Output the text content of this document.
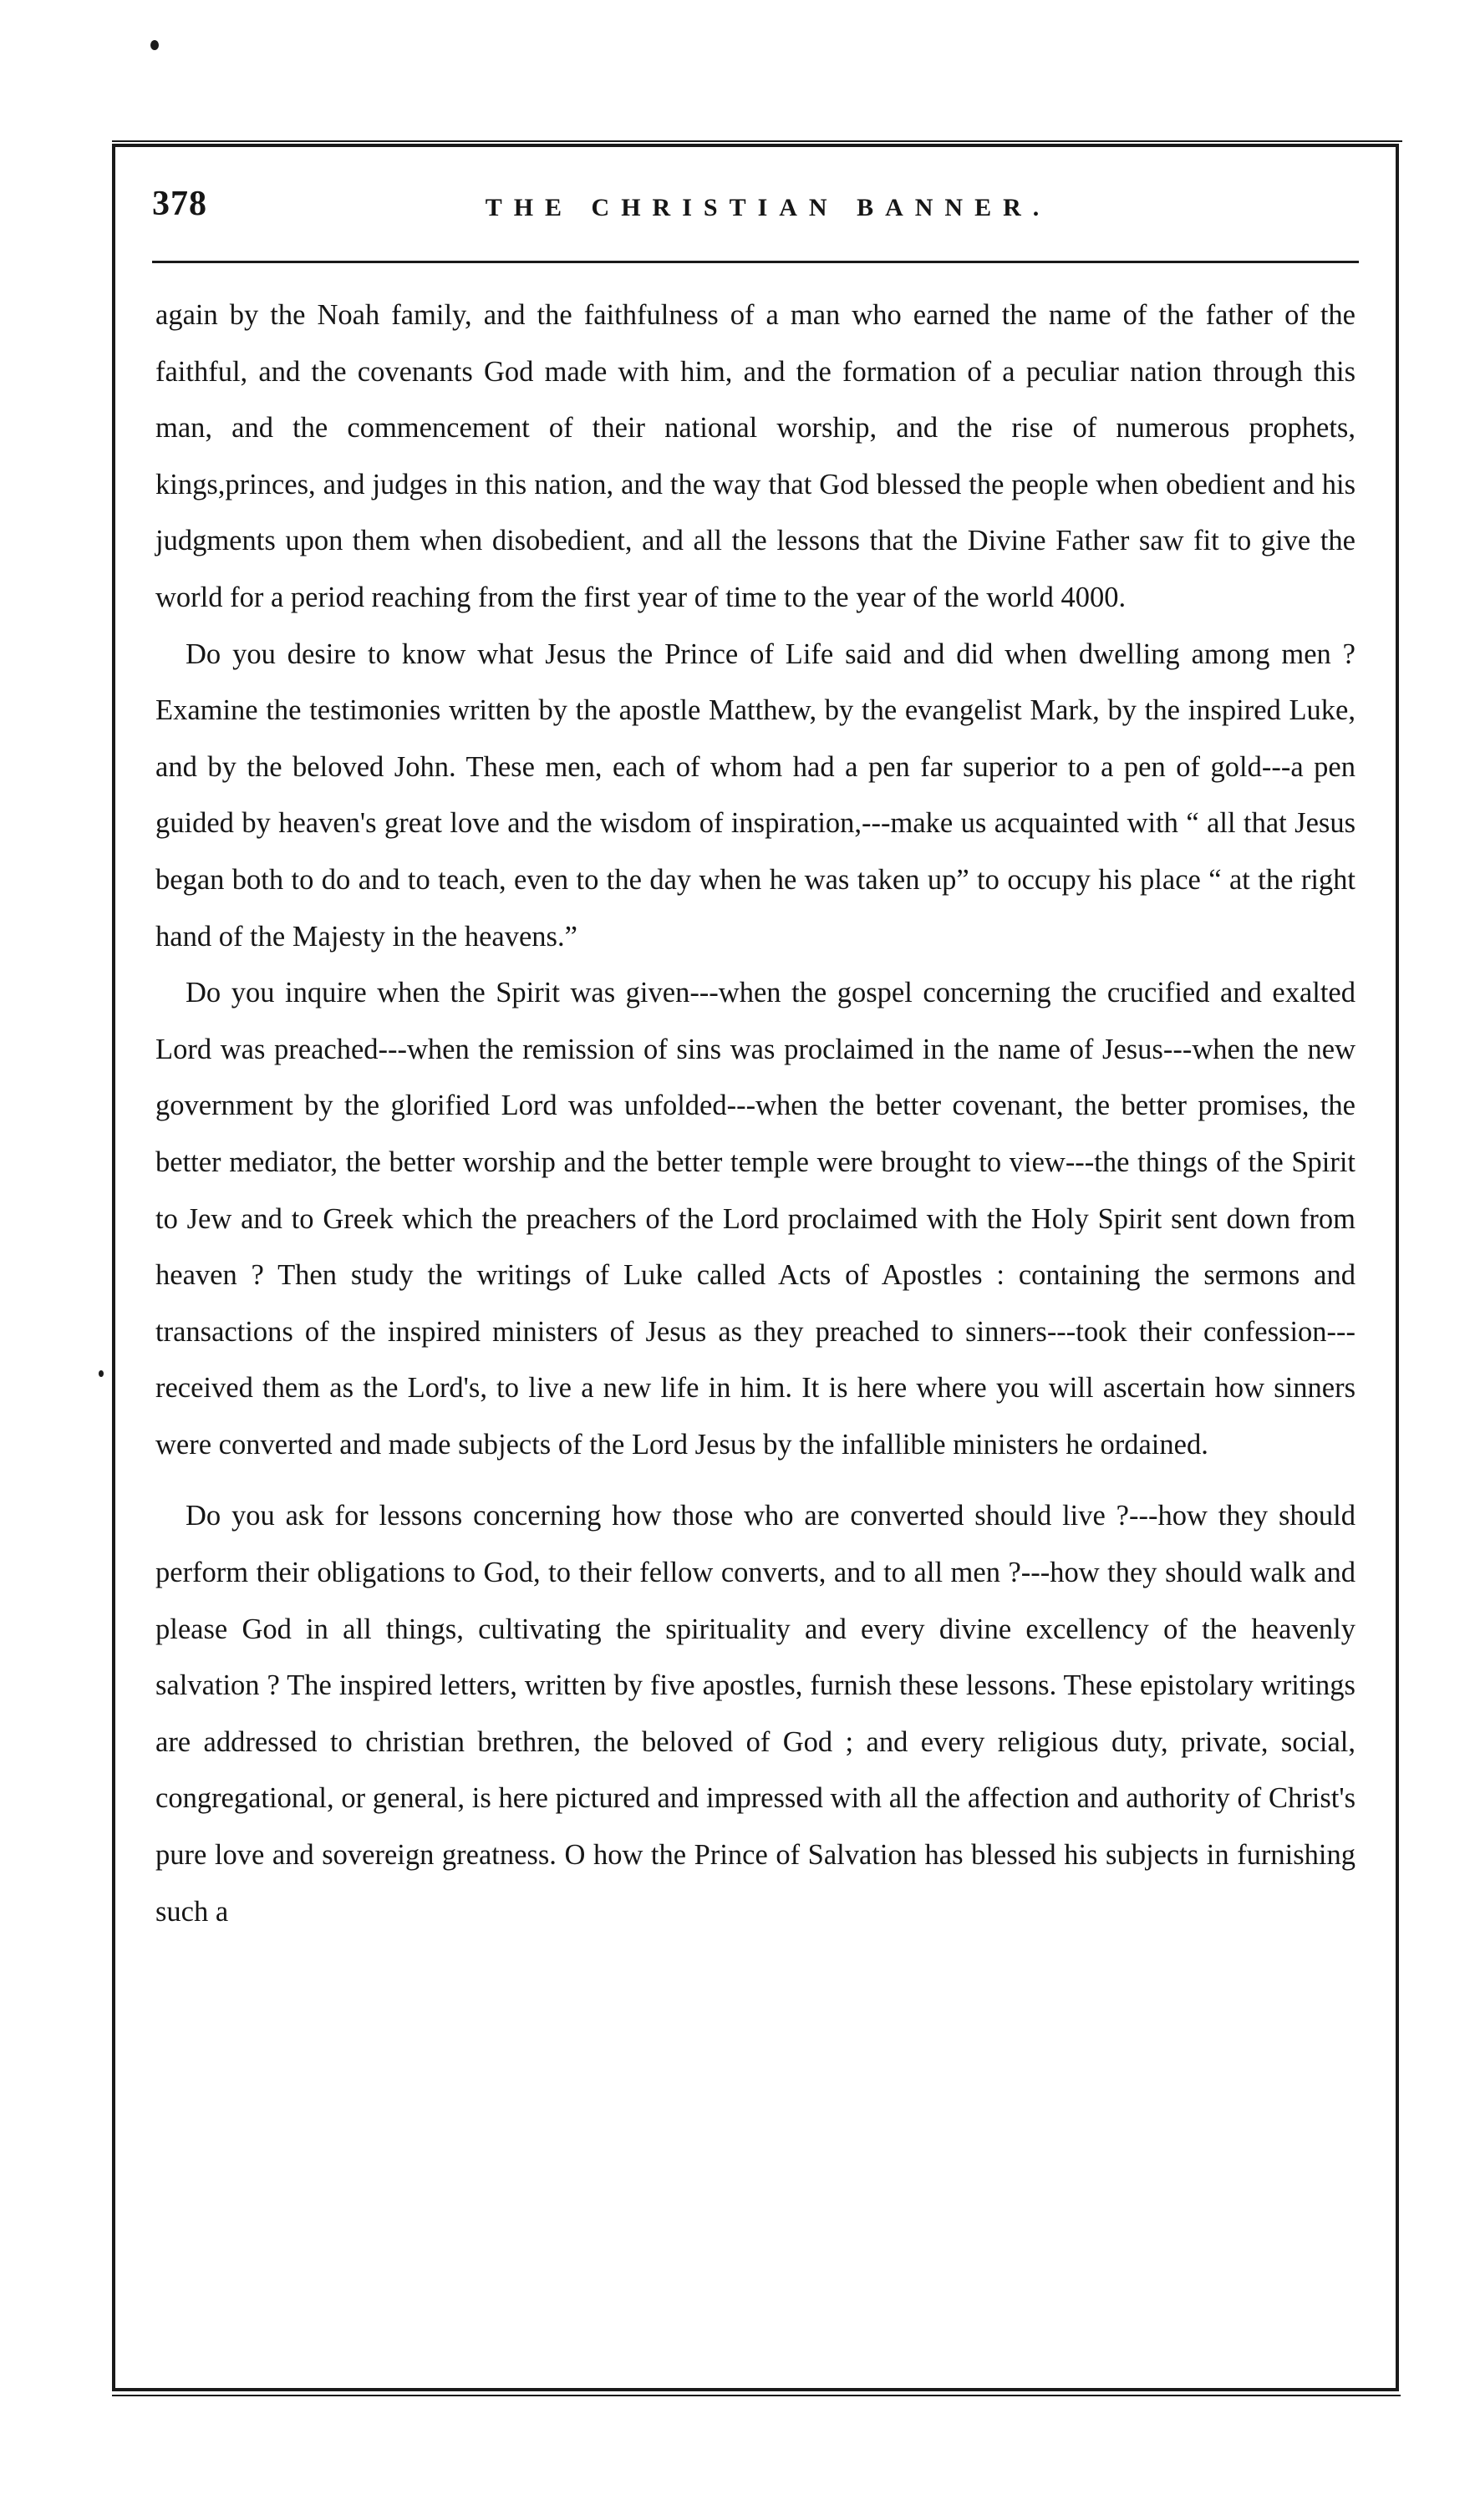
378	THE CHRISTIAN BANNER.

again by the Noah family, and the faithfulness of a man who earned the name of the father of the faithful, and the covenants God made with him, and the formation of a peculiar nation through this man, and the commencement of their national worship, and the rise of numerous prophets, kings,princes, and judges in this nation, and the way that God blessed the people when obedient and his judgments upon them when disobedient, and all the lessons that the Divine Father saw fit to give the world for a period reaching from the first year of time to the year of the world 4000.

Do you desire to know what Jesus the Prince of Life said and did when dwelling among men ? Examine the testimonies written by the apostle Matthew, by the evangelist Mark, by the inspired Luke, and by the beloved John. These men, each of whom had a pen far superior to a pen of gold---a pen guided by heaven's great love and the wisdom of inspiration,---make us acquainted with “ all that Jesus began both to do and to teach, even to the day when he was taken up” to occupy his place “ at the right hand of the Majesty in the heavens.”

Do you inquire when the Spirit was given---when the gospel concerning the crucified and exalted Lord was preached---when the remission of sins was proclaimed in the name of Jesus---when the new government by the glorified Lord was unfolded---when the better covenant, the better promises, the better mediator, the better worship and the better temple were brought to view---the things of the Spirit to Jew and to Greek which the preachers of the Lord proclaimed with the Holy Spirit sent down from heaven ? Then study the writings of Luke called Acts of Apostles : containing the sermons and transactions of the inspired ministers of Jesus as they preached to sinners---took their confession---received them as the Lord's, to live a new life in him. It is here where you will ascertain how sinners were converted and made subjects of the Lord Jesus by the infallible ministers he ordained.

Do you ask for lessons concerning how those who are converted should live ?---how they should perform their obligations to God, to their fellow converts, and to all men ?---how they should walk and please God in all things, cultivating the spirituality and every divine excellency of the heavenly salvation ? The inspired letters, written by five apostles, furnish these lessons. These epistolary writings are addressed to christian brethren, the beloved of God ; and every religious duty, private, social, congregational, or general, is here pictured and impressed with all the affection and authority of Christ's pure love and sovereign greatness. O how the Prince of Salvation has blessed his subjects in furnishing such a
